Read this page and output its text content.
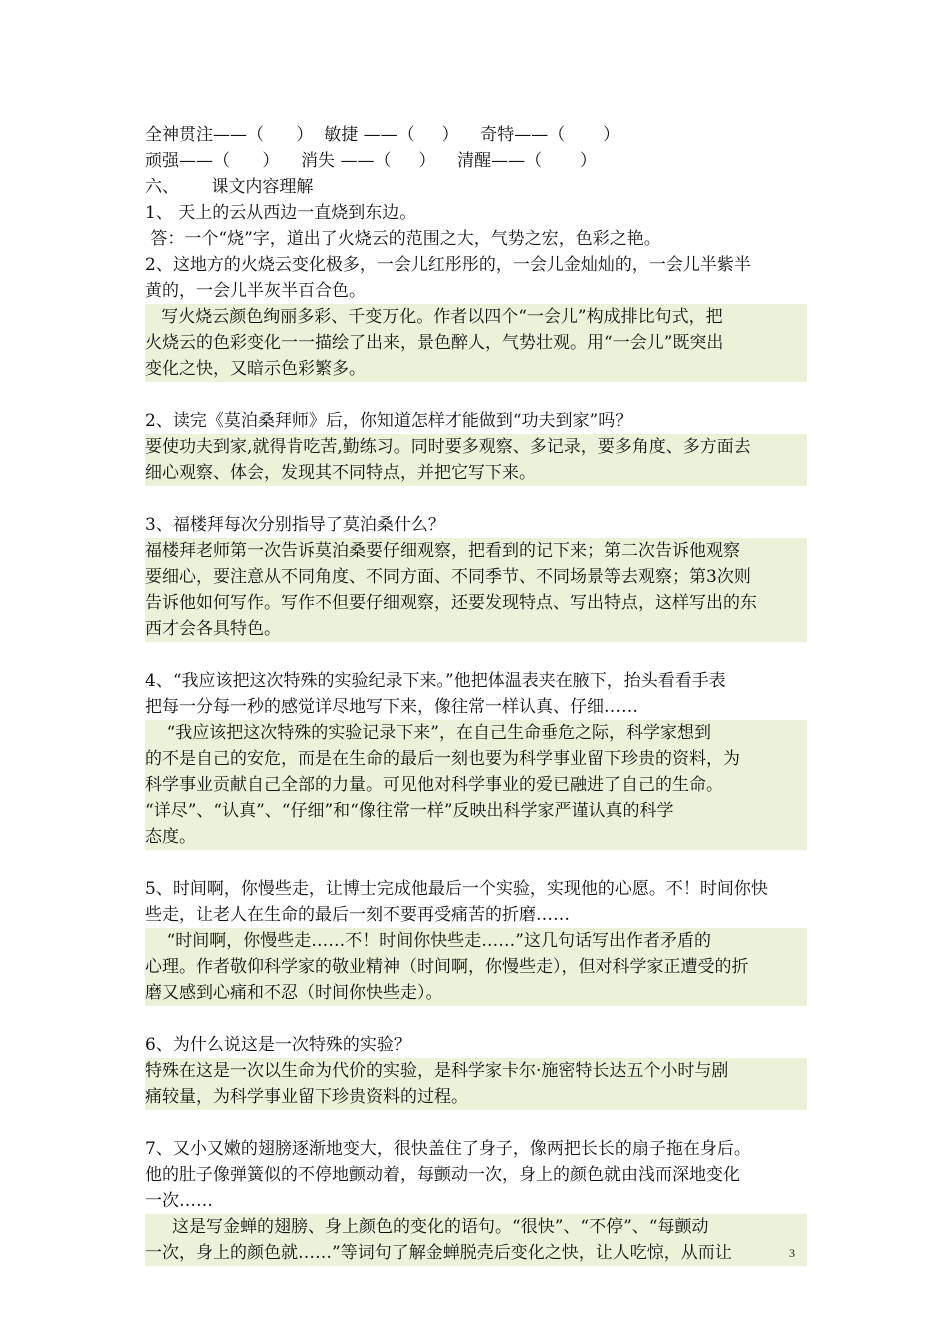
全神贯注——（      ）  敏捷 ——（     ）    奇特——（       ）
顽强——（      ）    消失 ——（     ）    清醒——（       ）
六、      课文内容理解
1、 天上的云从西边一直烧到东边。
答：一个“烧”字，道出了火烧云的范围之大，气势之宏，色彩之艳。
2、这地方的火烧云变化极多，一会儿红彤彤的，一会儿金灿灿的，一会儿半紫半
黄的，一会儿半灰半百合色。
写火烧云颜色绚丽多彩、千变万化。作者以四个“一会儿”构成排比句式，把
火烧云的色彩变化一一描绘了出来，景色醉人，气势壮观。用“一会儿”既突出
变化之快，又暗示色彩繁多。
2、读完《莫泊桑拜师》后，你知道怎样才能做到“功夫到家”吗？
要使功夫到家,就得肯吃苦,勤练习。同时要多观察、多记录，要多角度、多方面去
细心观察、体会，发现其不同特点，并把它写下来。
3、福楼拜每次分别指导了莫泊桑什么？
福楼拜老师第一次告诉莫泊桑要仔细观察，把看到的记下来；第二次告诉他观察
要细心，要注意从不同角度、不同方面、不同季节、不同场景等去观察；第3次则
告诉他如何写作。写作不但要仔细观察，还要发现特点、写出特点，这样写出的东
西才会各具特色。
4、“我应该把这次特殊的实验纪录下来。”他把体温表夹在腋下，抬头看看手表
把每一分每一秒的感觉详尽地写下来，像往常一样认真、仔细……
“我应该把这次特殊的实验记录下来”，在自己生命垂危之际，科学家想到
的不是自己的安危，而是在生命的最后一刻也要为科学事业留下珍贵的资料，为
科学事业贡献自己全部的力量。可见他对科学事业的爱已融进了自己的生命。
“详尽”、“认真”、“仔细”和“像往常一样”反映出科学家严谨认真的科学
态度。
5、时间啊，你慢些走，让博士完成他最后一个实验，实现他的心愿。不！时间你快
些走，让老人在生命的最后一刻不要再受痛苦的折磨……
“时间啊，你慢些走……不！时间你快些走……”这几句话写出作者矛盾的
心理。作者敬仰科学家的敬业精神（时间啊，你慢些走），但对科学家正遭受的折
磨又感到心痛和不忍（时间你快些走）。
6、为什么说这是一次特殊的实验？
特殊在这是一次以生命为代价的实验，是科学家卡尔·施密特长达五个小时与剧
痛较量，为科学事业留下珍贵资料的过程。
7、又小又嫩的翅膀逐渐地变大，很快盖住了身子，像两把长长的扇子拖在身后。
他的肚子像弹簧似的不停地颤动着，每颤动一次，身上的颜色就由浅而深地变化
一次……
这是写金蝉的翅膀、身上颜色的变化的语句。“很快”、“不停”、“每颤动
一次，身上的颜色就……”等词句了解金蝉脱壳后变化之快，让人吃惊，从而让	3
